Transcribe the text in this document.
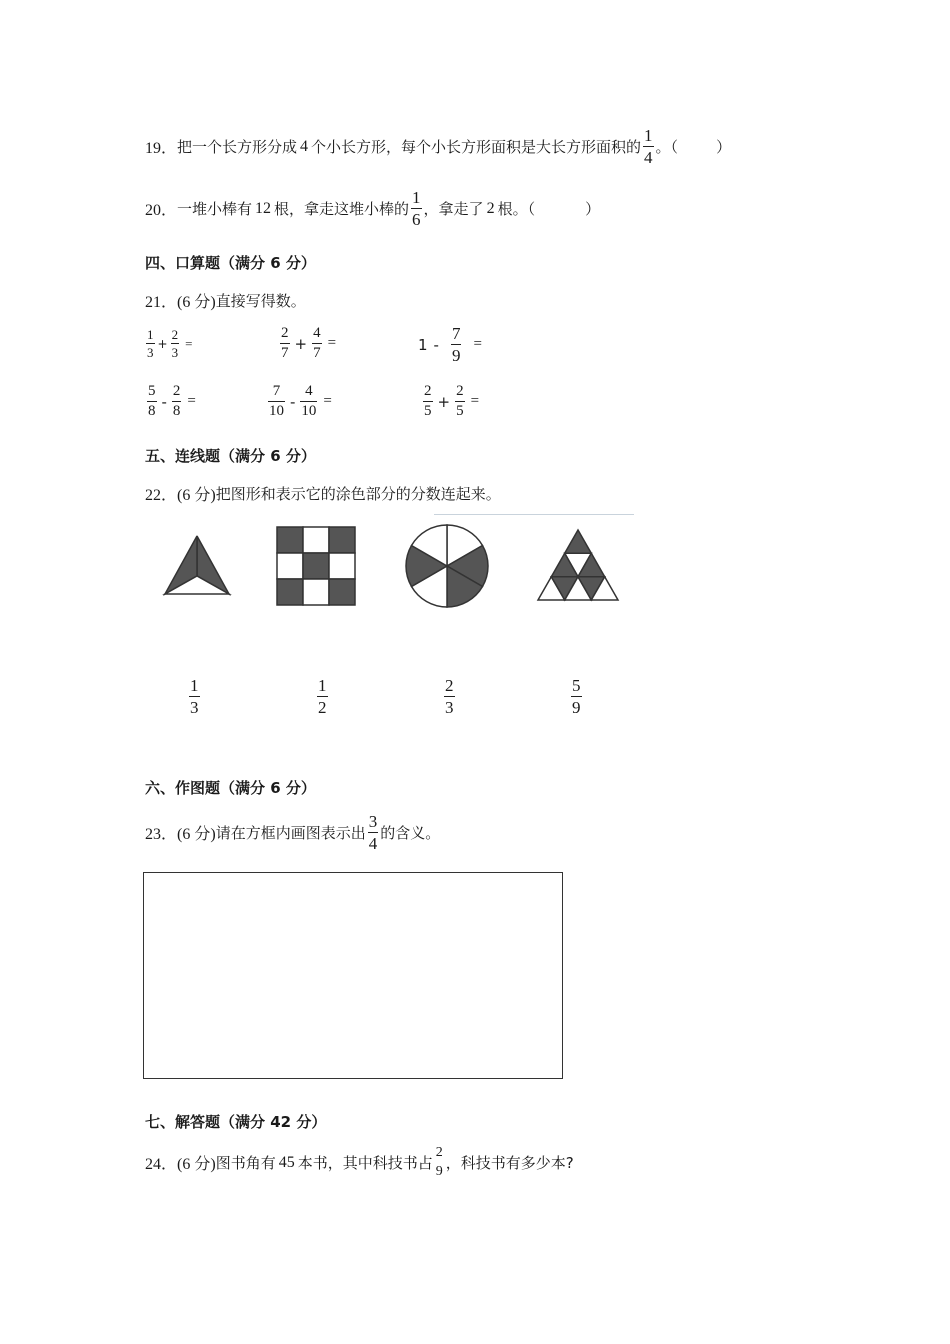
19． 把一个长方形分成 4 个小长方形，每个小长方形面积是大长方形面积的 $\frac{1}{4}$ 。（	）
20． 一堆小棒有 12 根，拿走这堆小棒的 $\frac{1}{6}$ ，拿走了 2 根。（	）
四、口算题（满分 6 分）
21． (6 分) 直接写得数。
$\frac{1}{3} + \frac{2}{3}$ =	$\frac{2}{7} + \frac{4}{7}$ =	$1 - \frac{7}{9}$ =
$\frac{5}{8} - \frac{2}{8}$ =	$\frac{7}{10} - \frac{4}{10}$ =	$\frac{2}{5} + \frac{2}{5}$ =
五、连线题（满分 6 分）
22． (6 分) 把图形和表示它的涂色部分的分数连起来。
$\frac{1}{3}$	$\frac{1}{2}$	$\frac{2}{3}$	$\frac{5}{9}$
六、作图题（满分 6 分）
23． (6 分) 请在方框内画图表示出 $\frac{3}{4}$ 的含义。
七、解答题（满分 42 分）
24． (6 分) 图书角有 45 本书，其中科技书占
2
9 ，科技书有多少本?
